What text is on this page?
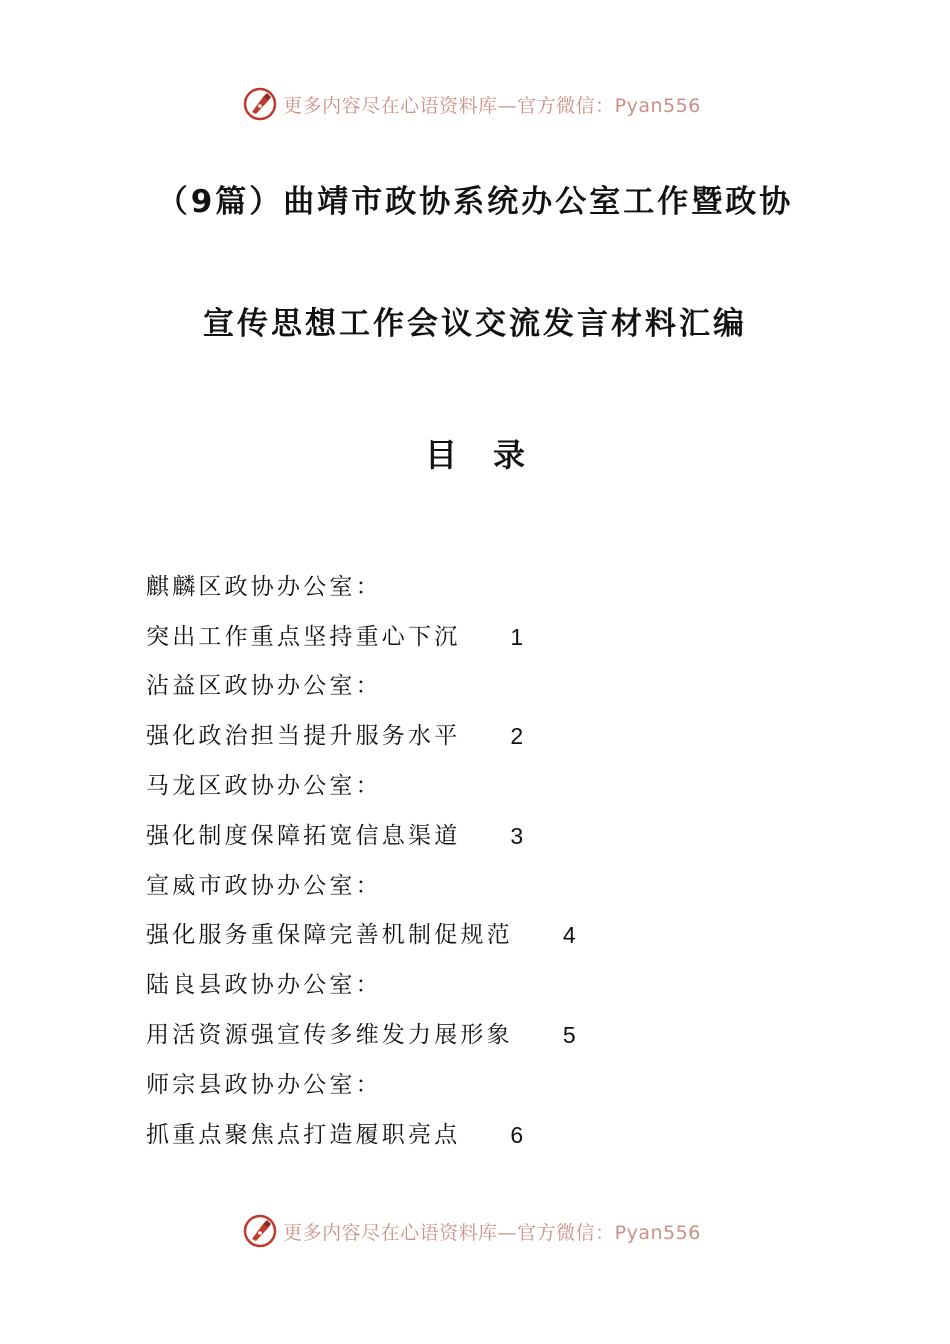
更多内容尽在心语资料库—官方微信：Pyan556
（9篇）曲靖市政协系统办公室工作暨政协
宣传思想工作会议交流发言材料汇编
目录
麒麟区政协办公室：
突出工作重点坚持重心下沉 1
沾益区政协办公室：
强化政治担当提升服务水平 2
马龙区政协办公室：
强化制度保障拓宽信息渠道 3
宣威市政协办公室：
强化服务重保障完善机制促规范 4
陆良县政协办公室：
用活资源强宣传多维发力展形象 5
师宗县政协办公室：
抓重点聚焦点打造履职亮点 6
更多内容尽在心语资料库—官方微信：Pyan556
